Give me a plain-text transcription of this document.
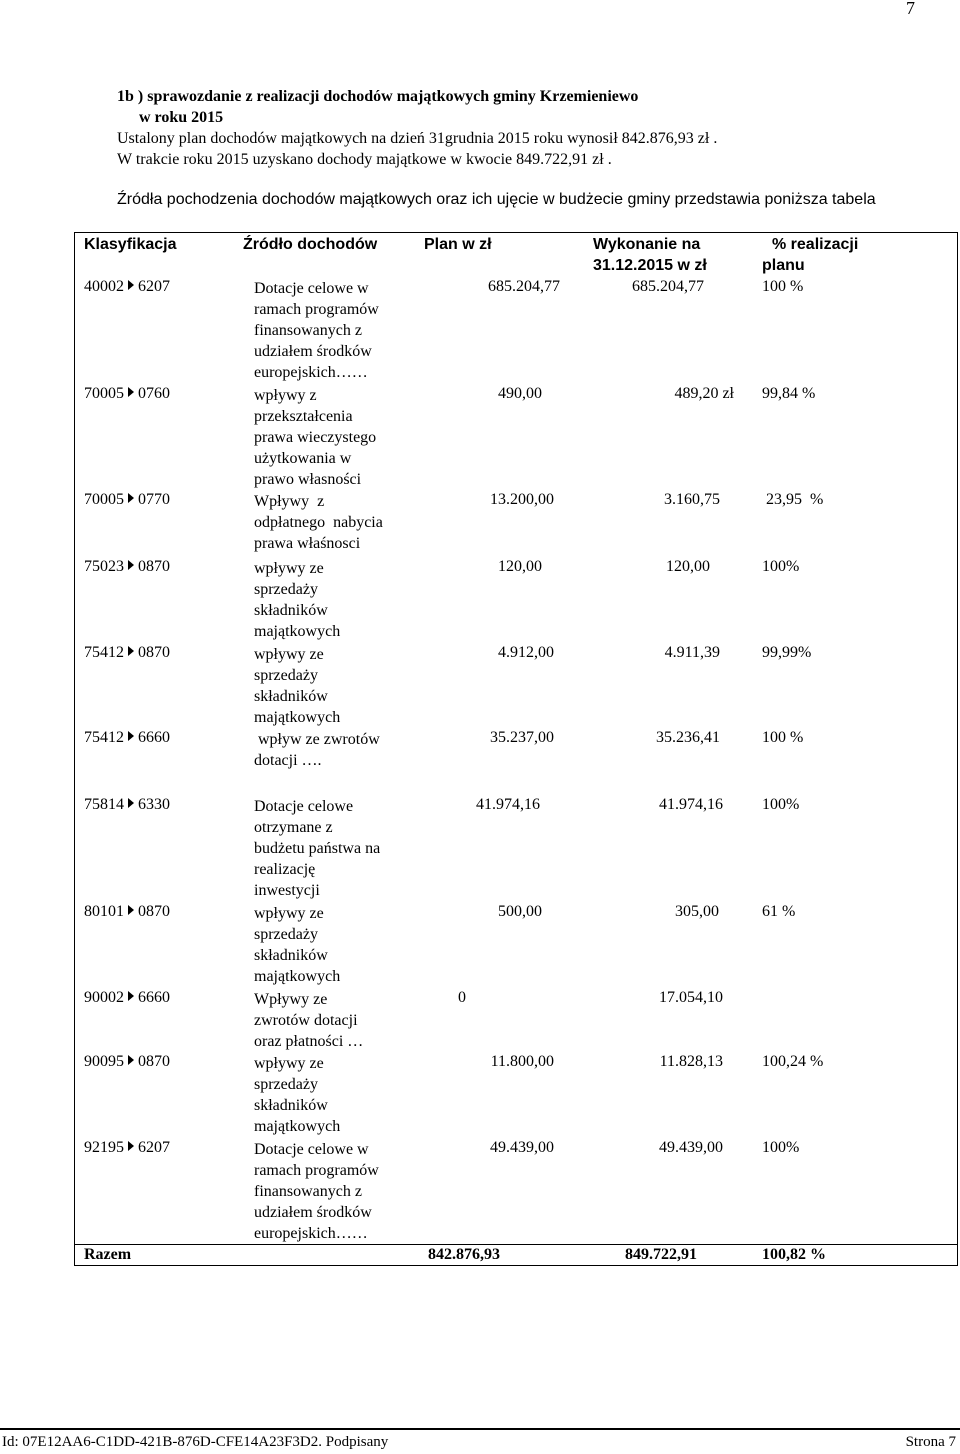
7
1b ) sprawozdanie z realizacji dochodów majątkowych gminy Krzemieniewo
w roku 2015
Ustalony plan dochodów majątkowych na dzień 31grudnia 2015 roku wynosił 842.876,93 zł .
W trakcie roku 2015 uzyskano dochody majątkowe w kwocie 849.722,91 zł .
Źródła pochodzenia dochodów majątkowych oraz ich ujęcie w budżecie gminy przedstawia poniższa tabela
Klasyfikacja	Źródło dochodów	Plan w zł	Wykonanie na
31.12.2015 w zł
% realizacji
planu
40002 6207	Dotacje celowe w
ramach programów
finansowanych z
udziałem środków
europejskich……
685.204,77	685.204,77	100 %
70005 0760	wpływy z
przekształcenia
prawa wieczystego
użytkowania w
prawo własności
490,00	489,20 zł 99,84 %
70005 0770	Wpływy  z
odpłatnego  nabycia
prawa właśnosci
13.200,00	3.160,75	23,95  %
75023 0870	wpływy ze
sprzedaży
składników
majątkowych
120,00	120,00	100%
75412 0870	wpływy ze
sprzedaży
składników
majątkowych
4.912,00	4.911,39	99,99%
75412 6660	wpływ ze zwrotów
dotacji ….
35.237,00	35.236,41	100 %
75814 6330	Dotacje celowe
otrzymane z
budżetu państwa na
realizację
inwestycji
41.974,16	41.974,16 100%
80101 0870	wpływy ze
sprzedaży
składników
majątkowych
500,00	305,00	61 %
90002 6660	Wpływy ze
zwrotów dotacji
oraz płatności …
0	17.054,10
90095 0870	wpływy ze
sprzedaży
składników
majątkowych
11.800,00	11.828,13 100,24 %
92195 6207	Dotacje celowe w
ramach programów
finansowanych z
udziałem środków
europejskich……
49.439,00	49.439,00 100%
Razem	842.876,93	849.722,91	100,82 %
Id: 07E12AA6-C1DD-421B-876D-CFE14A23F3D2. Podpisany	Strona 7
